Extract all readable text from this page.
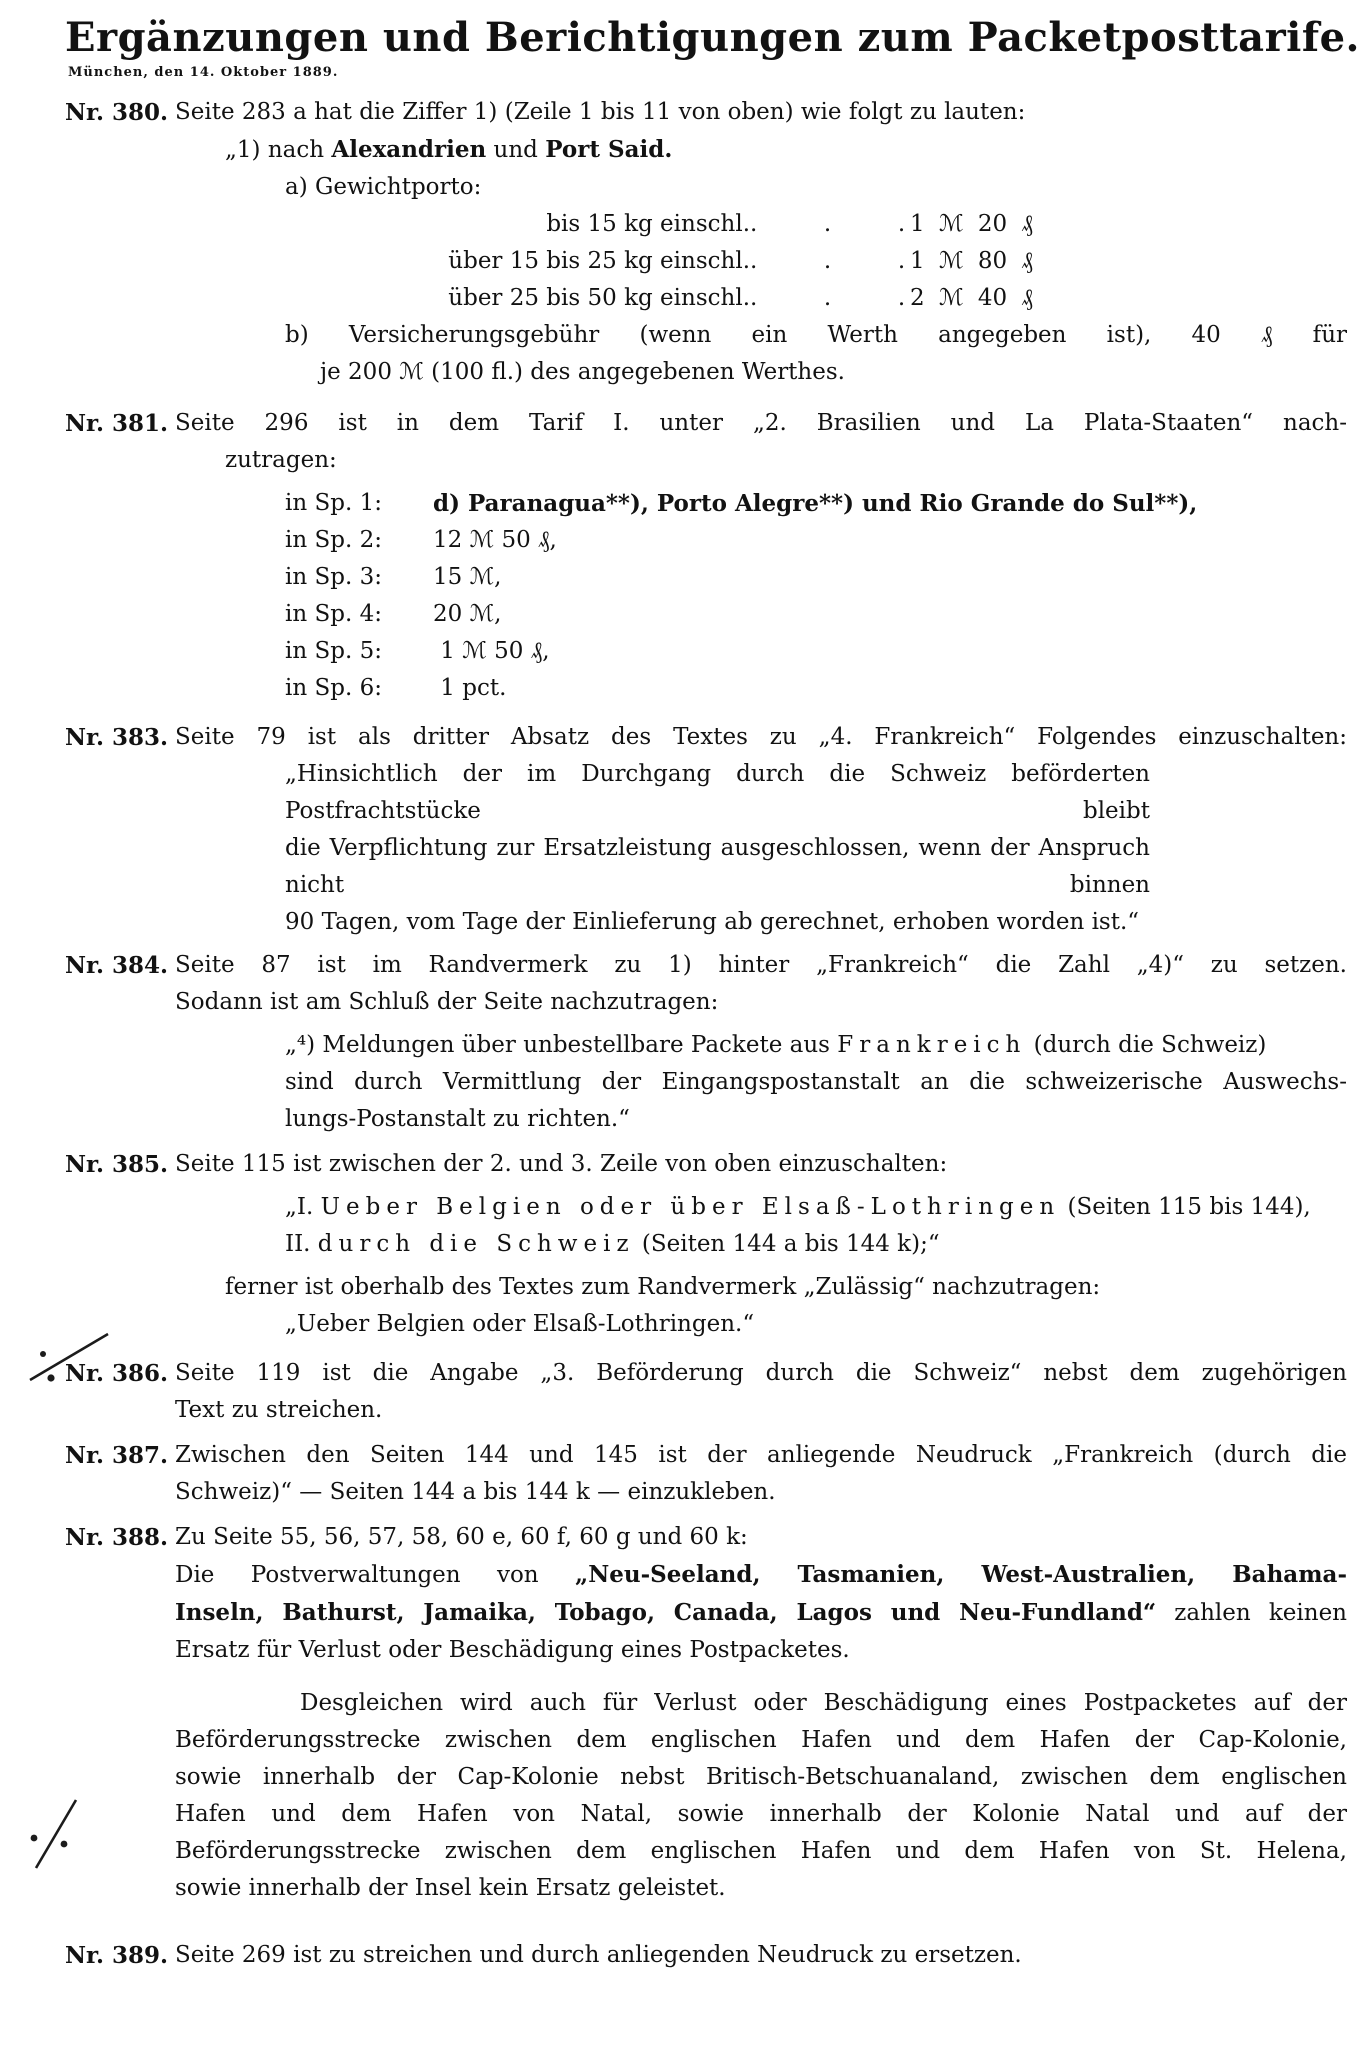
Ergänzungen und Berichtigungen zum Packetposttarife.
München, den 14. Oktober 1889.
Nr. 380. Seite 283 a hat die Ziffer 1) (Zeile 1 bis 11 von oben) wie folgt zu lauten:
„1) nach Alexandrien und Port Said.
a) Gewichtporto:
bis 15 kg einschl. .  .  . 1 ℳ 20 ₰
über 15 bis 25 kg einschl. .  .  . 1 ℳ 80 ₰
über 25 bis 50 kg einschl. .  .  . 2 ℳ 40 ₰
b) Versicherungsgebühr (wenn ein Werth angegeben ist), 40 ₰ für
je 200 ℳ (100 fl.) des angegebenen Werthes.
Nr. 381. Seite 296 ist in dem Tarif I. unter „2. Brasilien und La Plata-Staaten“ nach-
zutragen:
in Sp. 1:	d) Paranagua**), Porto Alegre**) und Rio Grande do Sul**),
in Sp. 2:	12 ℳ 50 ₰,
in Sp. 3:	15 ℳ,
in Sp. 4:	20 ℳ,
in Sp. 5:	1 ℳ 50 ₰,
in Sp. 6:	1 pct.
Nr. 383. Seite 79 ist als dritter Absatz des Textes zu „4. Frankreich“ Folgendes einzuschalten:
„Hinsichtlich der im Durchgang durch die Schweiz beförderten Postfrachtstücke bleibt
die Verpflichtung zur Ersatzleistung ausgeschlossen, wenn der Anspruch nicht binnen
90 Tagen, vom Tage der Einlieferung ab gerechnet, erhoben worden ist.“
Nr. 384. Seite 87 ist im Randvermerk zu 1) hinter „Frankreich“ die Zahl „4)“ zu setzen.
Sodann ist am Schluß der Seite nachzutragen:
„⁴) Meldungen über unbestellbare Packete aus Frankreich (durch die Schweiz)
sind durch Vermittlung der Eingangspostanstalt an die schweizerische Auswechs-
lungs-Postanstalt zu richten.“
Nr. 385. Seite 115 ist zwischen der 2. und 3. Zeile von oben einzuschalten:
„I. Ueber Belgien oder über Elsaß-Lothringen (Seiten 115 bis 144),
II. durch die Schweiz (Seiten 144 a bis 144 k);“
ferner ist oberhalb des Textes zum Randvermerk „Zulässig“ nachzutragen:
„Ueber Belgien oder Elsaß-Lothringen.“
Nr. 386. Seite 119 ist die Angabe „3. Beförderung durch die Schweiz“ nebst dem zugehörigen
Text zu streichen.
Nr. 387. Zwischen den Seiten 144 und 145 ist der anliegende Neudruck „Frankreich (durch die
Schweiz)“ — Seiten 144 a bis 144 k — einzukleben.
Nr. 388. Zu Seite 55, 56, 57, 58, 60 e, 60 f, 60 g und 60 k:
Die Postverwaltungen von „Neu-Seeland, Tasmanien, West-Australien, Bahama-
Inseln, Bathurst, Jamaika, Tobago, Canada, Lagos und Neu-Fundland“ zahlen keinen
Ersatz für Verlust oder Beschädigung eines Postpacketes.
Desgleichen wird auch für Verlust oder Beschädigung eines Postpacketes auf der
Beförderungsstrecke zwischen dem englischen Hafen und dem Hafen der Cap-Kolonie,
sowie innerhalb der Cap-Kolonie nebst Britisch-Betschuanaland, zwischen dem englischen
Hafen und dem Hafen von Natal, sowie innerhalb der Kolonie Natal und auf der
Beförderungsstrecke zwischen dem englischen Hafen und dem Hafen von St. Helena,
sowie innerhalb der Insel kein Ersatz geleistet.
Nr. 389. Seite 269 ist zu streichen und durch anliegenden Neudruck zu ersetzen.
